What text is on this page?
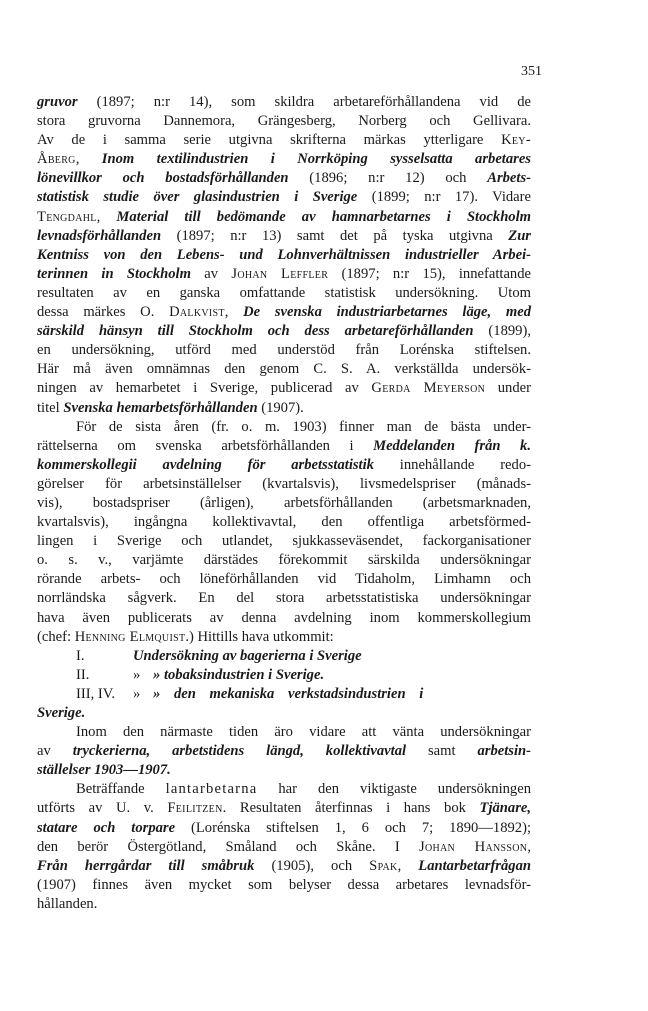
351
gruvor (1897; n:r 14), som skildra arbetareförhållandena vid de
stora gruvorna Dannemora, Grängesberg, Norberg och Gellivara.
Av de i samma serie utgivna skrifterna märkas ytterligare Key-
Åberg, Inom textilindustrien i Norrköping sysselsatta arbetares
lönevillkor och bostadsförhållanden (1896; n:r 12) och Arbets-
statistisk studie över glasindustrien i Sverige (1899; n:r 17). Vidare
Tengdahl, Material till bedömande av hamnarbetarnes i Stockholm
levnadsförhållanden (1897; n:r 13) samt det på tyska utgivna Zur
Kentniss von den Lebens- und Lohnverhältnissen industrieller Arbei-
terinnen in Stockholm av Johan Leffler (1897; n:r 15), innefattande
resultaten av en ganska omfattande statistisk undersökning. Utom
dessa märkes O. Dalkvist, De svenska industriarbetarnes läge, med
särskild hänsyn till Stockholm och dess arbetareförhållanden (1899),
en undersökning, utförd med understöd från Lorénska stiftelsen.
Här må även omnämnas den genom C. S. A. verkställda undersök-
ningen av hemarbetet i Sverige, publicerad av Gerda Meyerson under
titel Svenska hemarbetsförhållanden (1907).
För de sista åren (fr. o. m. 1903) finner man de bästa under-
rättelserna om svenska arbetsförhållanden i Meddelanden från k.
kommerskollegii avdelning för arbetsstatistik innehållande redo-
görelser för arbetsinställelser (kvartalsvis), livsmedelspriser (månads-
vis), bostadspriser (årligen), arbetsförhållanden (arbetsmarknaden,
kvartalsvis), ingångna kollektivavtal, den offentliga arbetsförmed-
lingen i Sverige och utlandet, sjukkasseväsendet, fackorganisationer
o. s. v., varjämte därstädes förekommit särskilda undersökningar
rörande arbets- och löneförhållanden vid Tidaholm, Limhamn och
norrländska sågverk. En del stora arbetsstatistiska undersökningar
hava även publicerats av denna avdelning inom kommerskollegium
(chef: Henning Elmquist.) Hittills hava utkommit:
I.	Undersökning av bagerierna i Sverige
II.	» » tobaksindustrien i Sverige.
III, IV. » » den mekaniska verkstadsindustrien i
Sverige.
Inom den närmaste tiden äro vidare att vänta undersökningar
av tryckerierna, arbetstidens längd, kollektivavtal samt arbetsin-
ställelser 1903—1907.
Beträffande lantarbetarna har den viktigaste undersökningen
utförts av U. v. Feilitzen. Resultaten återfinnas i hans bok Tjänare,
statare och torpare (Lorénska stiftelsen 1, 6 och 7; 1890—1892);
den berör Östergötland, Småland och Skåne. I Johan Hansson,
Från herrgårdar till småbruk (1905), och Spak, Lantarbetarfrågan
(1907) finnes även mycket som belyser dessa arbetares levnadsför-
hållanden.
